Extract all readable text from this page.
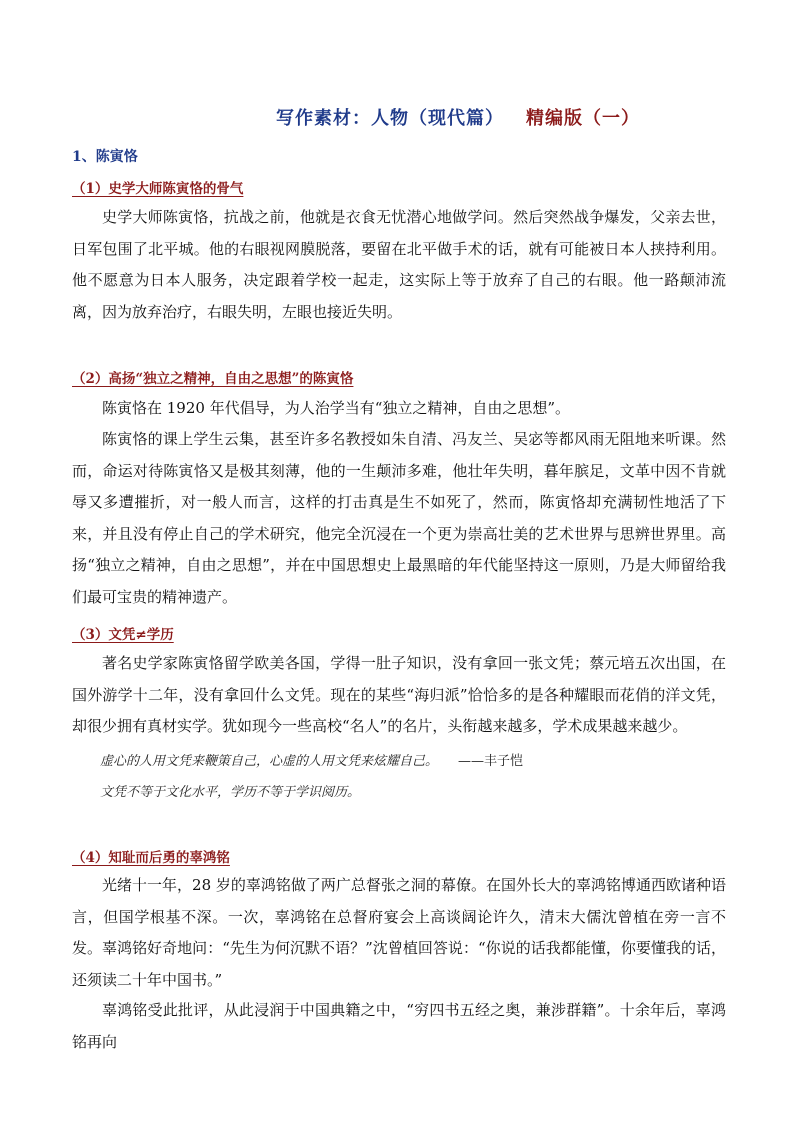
写作素材：人物（现代篇） 精编版（一）
1、陈寅恪
（1）史学大师陈寅恪的骨气
史学大师陈寅恪，抗战之前，他就是衣食无忧潜心地做学问。然后突然战争爆发，父亲去世，日军包围了北平城。他的右眼视网膜脱落，要留在北平做手术的话，就有可能被日本人挟持利用。他不愿意为日本人服务，决定跟着学校一起走，这实际上等于放弃了自己的右眼。他一路颠沛流离，因为放弃治疗，右眼失明，左眼也接近失明。
（2）高扬“独立之精神，自由之思想”的陈寅恪
陈寅恪在 1920 年代倡导，为人治学当有“独立之精神，自由之思想”。
陈寅恪的课上学生云集，甚至许多名教授如朱自清、冯友兰、吴宓等都风雨无阻地来听课。然而，命运对待陈寅恪又是极其刻薄，他的一生颠沛多难，他壮年失明，暮年膑足，文革中因不肯就辱又多遭摧折，对一般人而言，这样的打击真是生不如死了，然而，陈寅恪却充满韧性地活了下来，并且没有停止自己的学术研究，他完全沉浸在一个更为崇高壮美的艺术世界与思辨世界里。高扬“独立之精神，自由之思想”，并在中国思想史上最黑暗的年代能坚持这一原则，乃是大师留给我们最可宝贵的精神遗产。
（3）文凭≠学历
著名史学家陈寅恪留学欧美各国，学得一肚子知识，没有拿回一张文凭；蔡元培五次出国，在国外游学十二年，没有拿回什么文凭。现在的某些“海归派”恰恰多的是各种耀眼而花俏的洋文凭，却很少拥有真材实学。犹如现今一些高校“名人”的名片，头衔越来越多，学术成果越来越少。
虚心的人用文凭来鞭策自己，心虚的人用文凭来炫耀自己。 ——丰子恺
文凭不等于文化水平，学历不等于学识阅历。
（4）知耻而后勇的辜鸿铭
光绪十一年，28 岁的辜鸿铭做了两广总督张之洞的幕僚。在国外长大的辜鸿铭博通西欧诸种语言，但国学根基不深。一次，辜鸿铭在总督府宴会上高谈阔论许久，清末大儒沈曾植在旁一言不发。辜鸿铭好奇地问：“先生为何沉默不语？”沈曾植回答说：“你说的话我都能懂，你要懂我的话，还须读二十年中国书。”
辜鸿铭受此批评，从此浸润于中国典籍之中，“穷四书五经之奥，兼涉群籍”。十余年后，辜鸿铭再向
